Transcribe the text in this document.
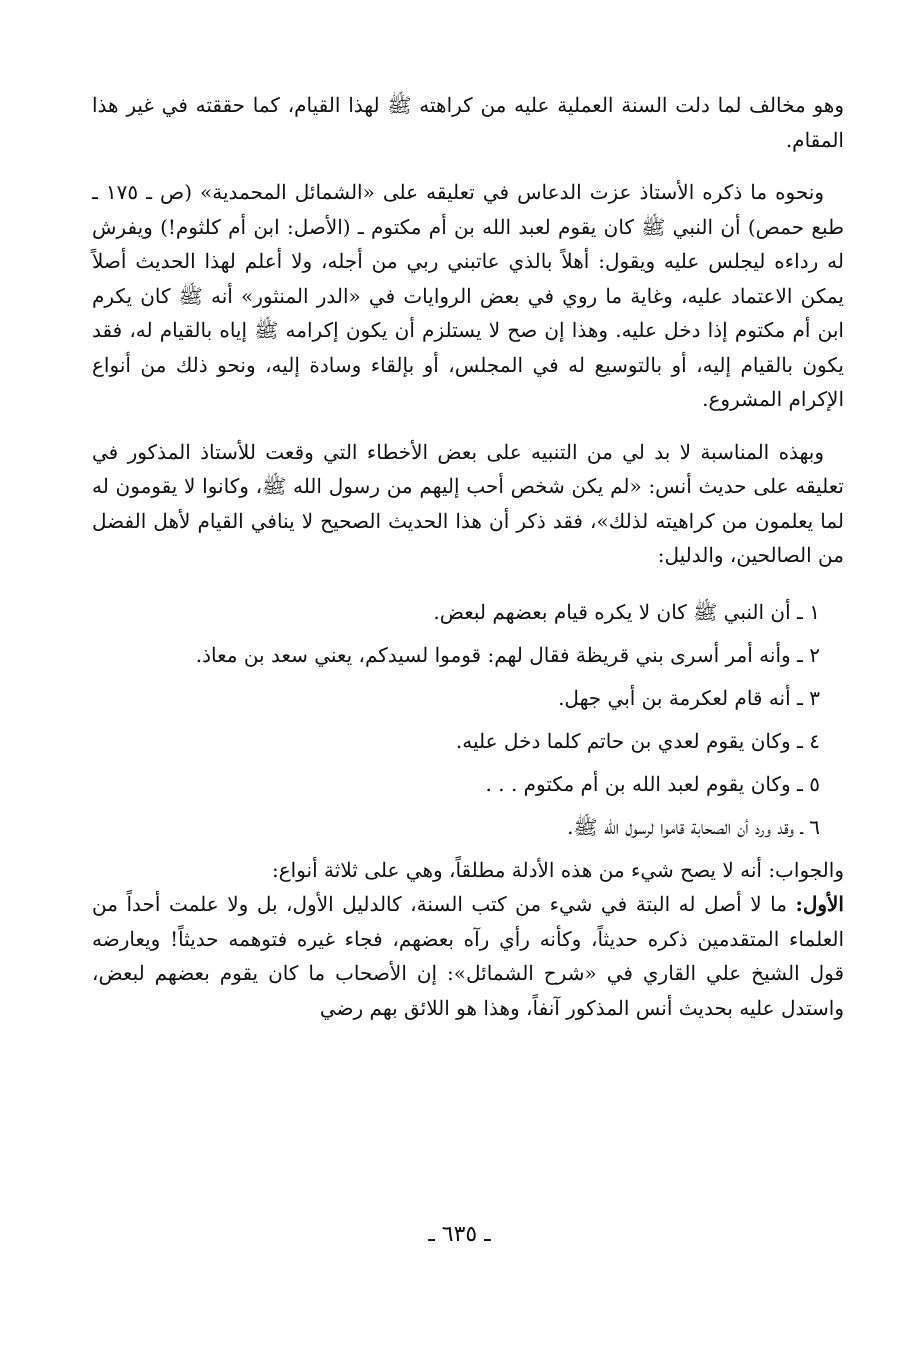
وهو مخالف لما دلت السنة العملية عليه من كراهته ﷺ لهذا القيام، كما حققته في غير هذا المقام.

ونحوه ما ذكره الأستاذ عزت الدعاس في تعليقه على «الشمائل المحمدية» (ص ـ ١٧٥ ـ طبع حمص) أن النبي ﷺ كان يقوم لعبد الله بن أم مكتوم ـ (الأصل: ابن أم كلثوم!) ويفرش له رداءه ليجلس عليه ويقول: أهلاً بالذي عاتبني ربي من أجله، ولا أعلم لهذا الحديث أصلاً يمكن الاعتماد عليه، وغاية ما روي في بعض الروايات في «الدر المنثور» أنه ﷺ كان يكرم ابن أم مكتوم إذا دخل عليه. وهذا إن صح لا يستلزم أن يكون إكرامه ﷺ إياه بالقيام له، فقد يكون بالقيام إليه، أو بالتوسيع له في المجلس، أو بإلقاء وسادة إليه، ونحو ذلك من أنواع الإكرام المشروع.

وبهذه المناسبة لا بد لي من التنبيه على بعض الأخطاء التي وقعت للأستاذ المذكور في تعليقه على حديث أنس: «لم يكن شخص أحب إليهم من رسول الله ﷺ، وكانوا لا يقومون له لما يعلمون من كراهيته لذلك»، فقد ذكر أن هذا الحديث الصحيح لا ينافي القيام لأهل الفضل من الصالحين، والدليل:

١ ـ أن النبي ﷺ كان لا يكره قيام بعضهم لبعض.
٢ ـ وأنه أمر أسرى بني قريظة فقال لهم: قوموا لسيدكم، يعني سعد بن معاذ.
٣ ـ أنه قام لعكرمة بن أبي جهل.
٤ ـ وكان يقوم لعدي بن حاتم كلما دخل عليه.
٥ ـ وكان يقوم لعبد الله بن أم مكتوم . . .
٦ ـ وقد ورد أن الصحابة قاموا لرسول الله ﷺ.

والجواب: أنه لا يصح شيء من هذه الأدلة مطلقاً، وهي على ثلاثة أنواع:

الأول: ما لا أصل له البتة في شيء من كتب السنة، كالدليل الأول، بل ولا علمت أحداً من العلماء المتقدمين ذكره حديثاً، وكأنه رأي رآه بعضهم، فجاء غيره فتوهمه حديثاً! ويعارضه قول الشيخ علي القاري في «شرح الشمائل»: إن الأصحاب ما كان يقوم بعضهم لبعض، واستدل عليه بحديث أنس المذكور آنفاً، وهذا هو اللائق بهم رضي

ـ ٦٣٥ ـ
